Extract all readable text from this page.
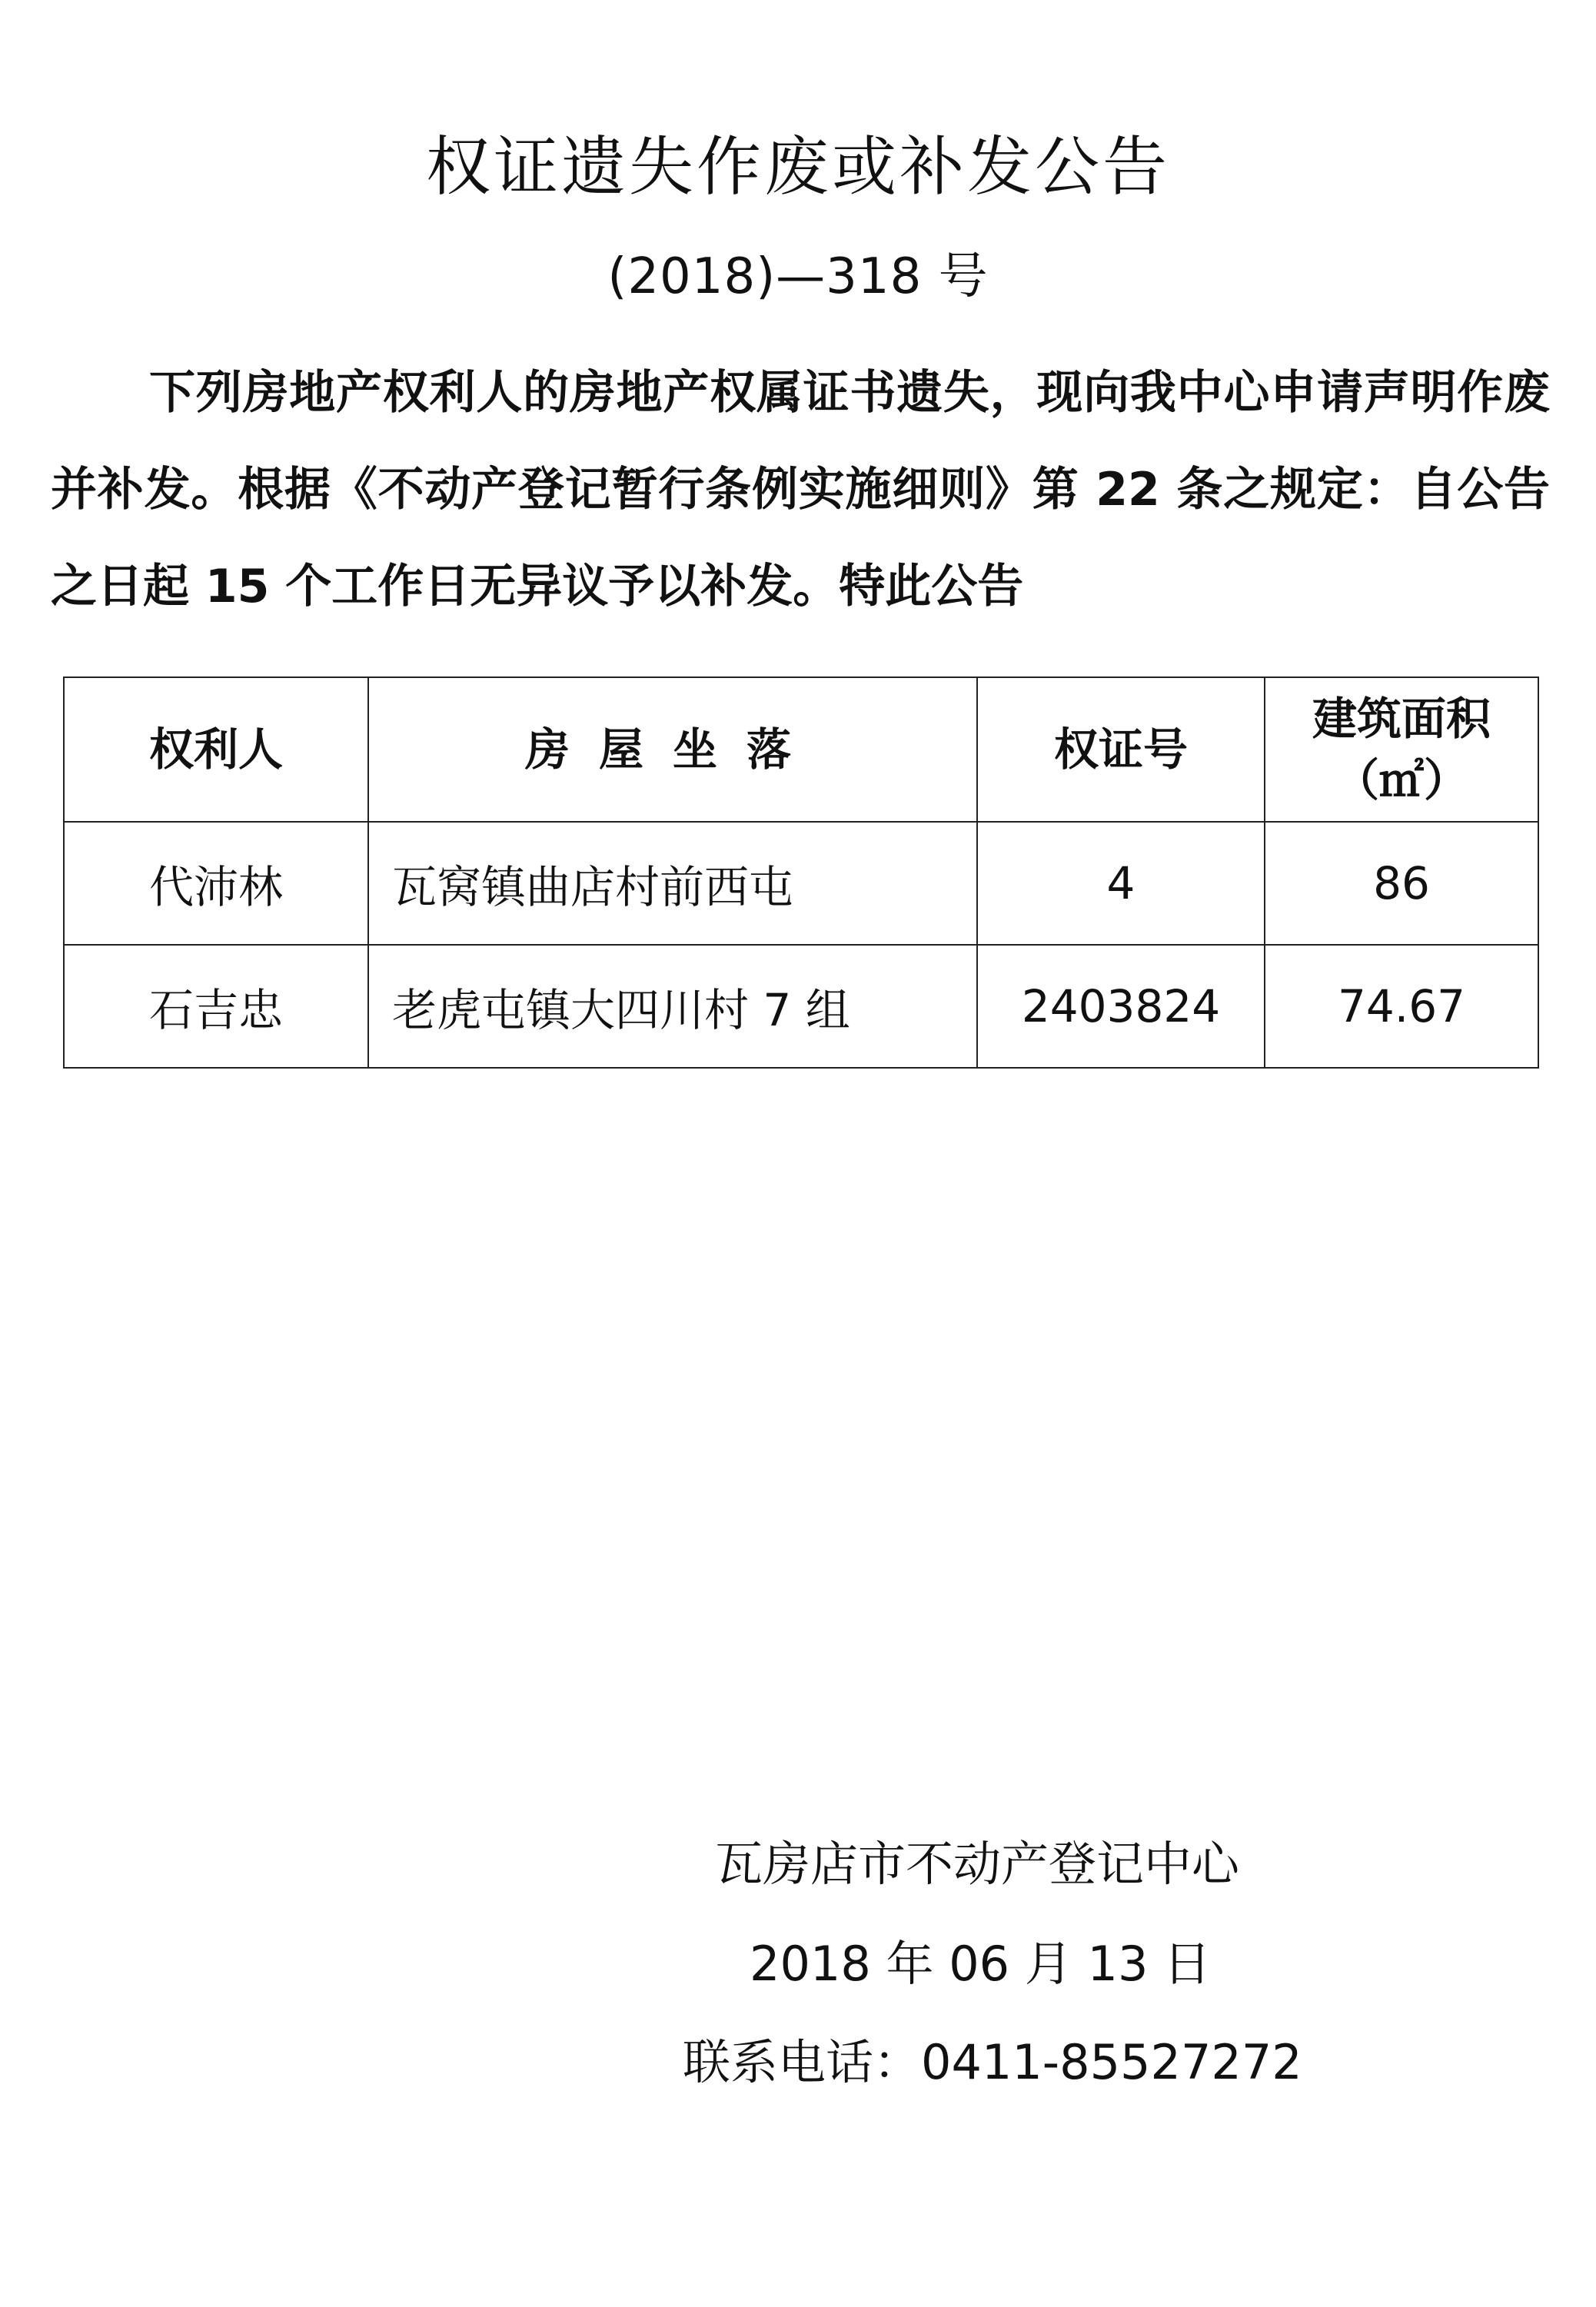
权证遗失作废或补发公告
(2018)—318 号

下列房地产权利人的房地产权属证书遗失，现向我中心申请声明作废并补发。根据《不动产登记暂行条例实施细则》第 22 条之规定：自公告之日起 15 个工作日无异议予以补发。特此公告

权利人	房屋坐落	权证号	建筑面积
（㎡）

代沛林	瓦窝镇曲店村前西屯	4	86
石吉忠	老虎屯镇大四川村 7 组	2403824	74.67
瓦房店市不动产登记中心
2018 年 06 月 13 日
联系电话：0411-85527272
